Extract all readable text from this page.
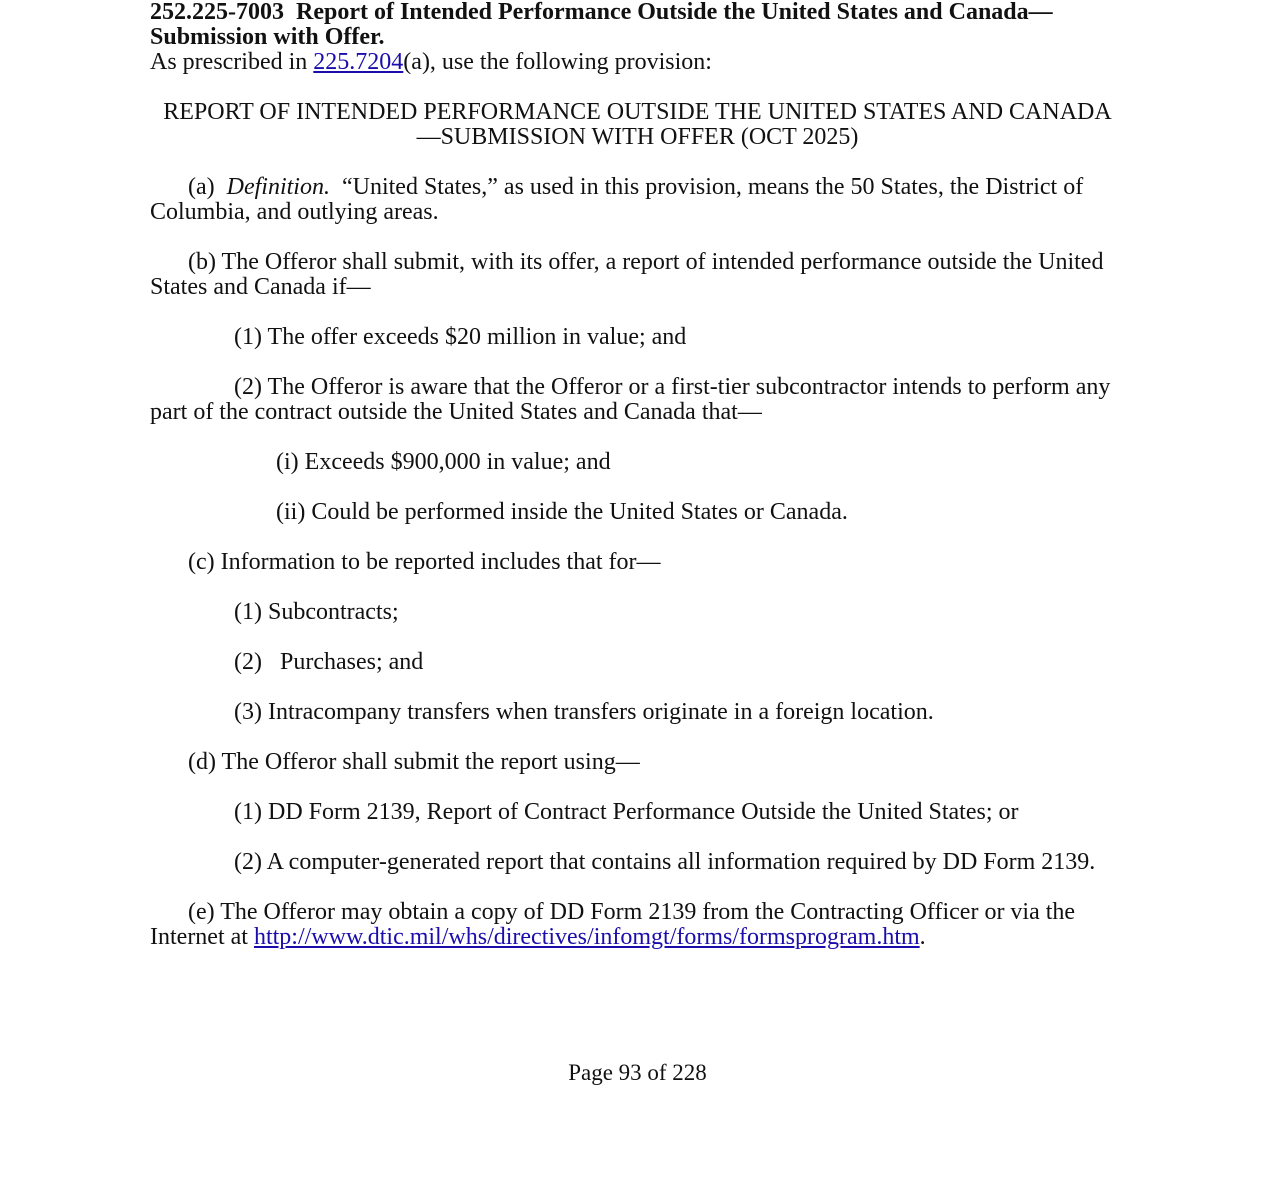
252.225-7003 Report of Intended Performance Outside the United States and Canada—Submission with Offer.
As prescribed in 225.7204(a), use the following provision:
REPORT OF INTENDED PERFORMANCE OUTSIDE THE UNITED STATES AND CANADA—SUBMISSION WITH OFFER (OCT 2025)
(a) Definition. “United States,” as used in this provision, means the 50 States, the District of Columbia, and outlying areas.
(b) The Offeror shall submit, with its offer, a report of intended performance outside the United States and Canada if—
(1) The offer exceeds $20 million in value; and
(2) The Offeror is aware that the Offeror or a first-tier subcontractor intends to perform any part of the contract outside the United States and Canada that—
(i) Exceeds $900,000 in value; and
(ii) Could be performed inside the United States or Canada.
(c) Information to be reported includes that for—
(1) Subcontracts;
(2)   Purchases; and
(3) Intracompany transfers when transfers originate in a foreign location.
(d) The Offeror shall submit the report using—
(1) DD Form 2139, Report of Contract Performance Outside the United States; or
(2) A computer-generated report that contains all information required by DD Form 2139.
(e) The Offeror may obtain a copy of DD Form 2139 from the Contracting Officer or via the Internet at http://www.dtic.mil/whs/directives/infomgt/forms/formsprogram.htm.
Page 93 of 228
